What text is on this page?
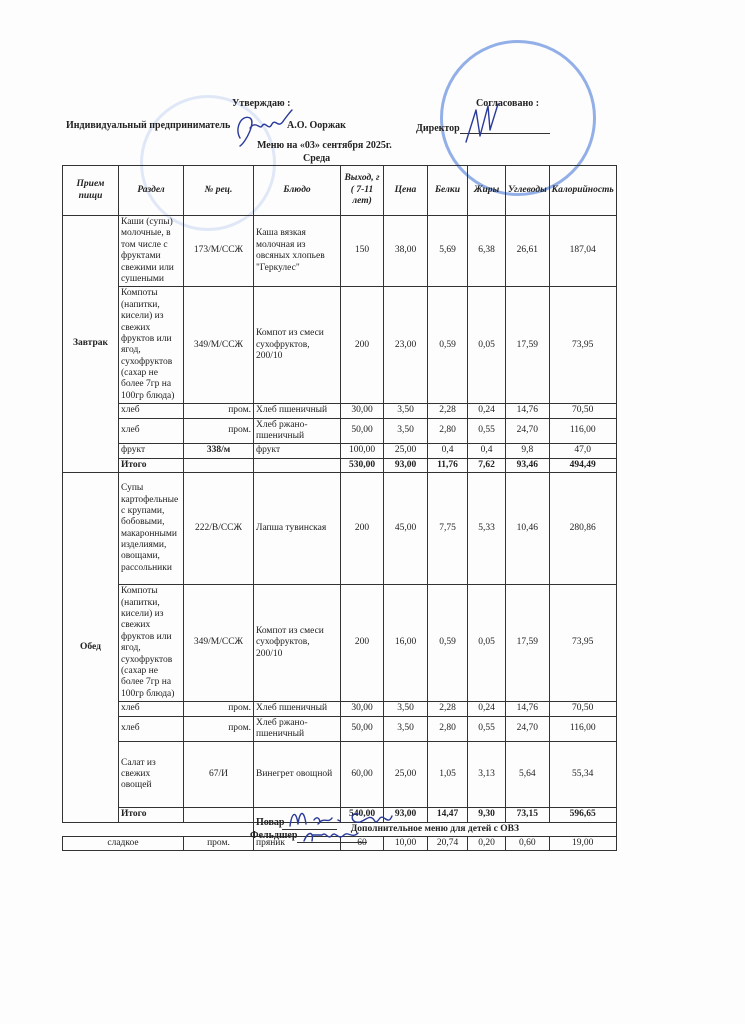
Утверждаю :
Индивидуальный предприниматель	А.О. Ооржак
Согласовано :
Директор
Меню на «03» сентября 2025г.
Среда
Прием пищи	Раздел	№ рец.	Блюдо	Выход, г ( 7-11 лет)	Цена	Белки	Жиры	Углеводы	Калорийность
Завтрак	Каши (супы) молочные, в том числе с фруктами свежими или сушеными	173/М/ССЖ	Каша вязкая молочная из овсяных хлопьев "Геркулес"	150	38,00	5,69	6,38	26,61	187,04
	Компоты (напитки, кисели) из свежих фруктов или ягод, сухофруктов (сахар не более 7гр на 100гр блюда)	349/М/ССЖ	Компот из смеси сухофруктов, 200/10	200	23,00	0,59	0,05	17,59	73,95
	хлеб	пром.	Хлеб пшеничный	30,00	3,50	2,28	0,24	14,76	70,50
	хлеб	пром.	Хлеб ржано-пшеничный	50,00	3,50	2,80	0,55	24,70	116,00
	фрукт	338/м	фрукт	100,00	25,00	0,4	0,4	9,8	47,0
	Итого			530,00	93,00	11,76	7,62	93,46	494,49
Обед	Супы картофельные с крупами, бобовыми, макаронными изделиями, овощами, рассольники	222/В/ССЖ	Лапша тувинская	200	45,00	7,75	5,33	10,46	280,86
	Компоты (напитки, кисели) из свежих фруктов или ягод, сухофруктов (сахар не более 7гр на 100гр блюда)	349/М/ССЖ	Компот из смеси сухофруктов, 200/10	200	16,00	0,59	0,05	17,59	73,95
	хлеб	пром.	Хлеб пшеничный	30,00	3,50	2,28	0,24	14,76	70,50
	хлеб	пром.	Хлеб ржано-пшеничный	50,00	3,50	2,80	0,55	24,70	116,00
	Салат из свежих овощей	67/И	Винегрет овощной	60,00	25,00	1,05	3,13	5,64	55,34
	Итого			540,00	93,00	14,47	9,30	73,15	596,65
			Дополнительное меню для детей с ОВЗ						
сладкое		пром.	пряник	60	10,00	20,74	0,20	0,60	19,00
Повар
Фельдшер
